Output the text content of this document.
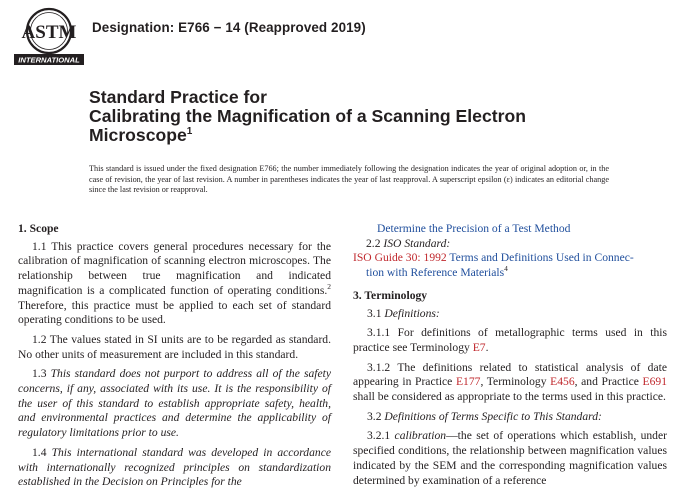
ASTM
INTERNATIONAL
Designation: E766 − 14 (Reapproved 2019)
Standard Practice for
Calibrating the Magnification of a Scanning Electron
Microscope$^1$
This standard is issued under the fixed designation E766; the number immediately following the designation indicates the year of original adoption or, in the case of revision, the year of last revision. A number in parentheses indicates the year of last reapproval. A superscript epsilon (ε) indicates an editorial change since the last revision or reapproval.
1. Scope

1.1 This practice covers general procedures necessary for the calibration of magnification of scanning electron microscopes. The relationship between true magnification and indicated magnification is a complicated function of operating conditions.$^2$ Therefore, this practice must be applied to each set of standard operating conditions to be used.

1.2 The values stated in SI units are to be regarded as standard. No other units of measurement are included in this standard.

1.3 This standard does not purport to address all of the safety concerns, if any, associated with its use. It is the responsibility of the user of this standard to establish appropriate safety, health, and environmental practices and determine the applicability of regulatory limitations prior to use.

1.4 This international standard was developed in accordance with internationally recognized principles on standardization established in the Decision on Principles for the

Determine the Precision of a Test Method

2.2 ISO Standard:

ISO Guide 30: 1992 Terms and Definitions Used in Connec-
tion with Reference Materials$^4$

3. Terminology

3.1 Definitions:

3.1.1 For definitions of metallographic terms used in this practice see Terminology E7.

3.1.2 The definitions related to statistical analysis of date appearing in Practice E177, Terminology E456, and Practice E691 shall be considered as appropriate to the terms used in this practice.

3.2 Definitions of Terms Specific to This Standard:

3.2.1 calibration—the set of operations which establish, under specified conditions, the relationship between magnification values indicated by the SEM and the corresponding magnification values determined by examination of a reference
